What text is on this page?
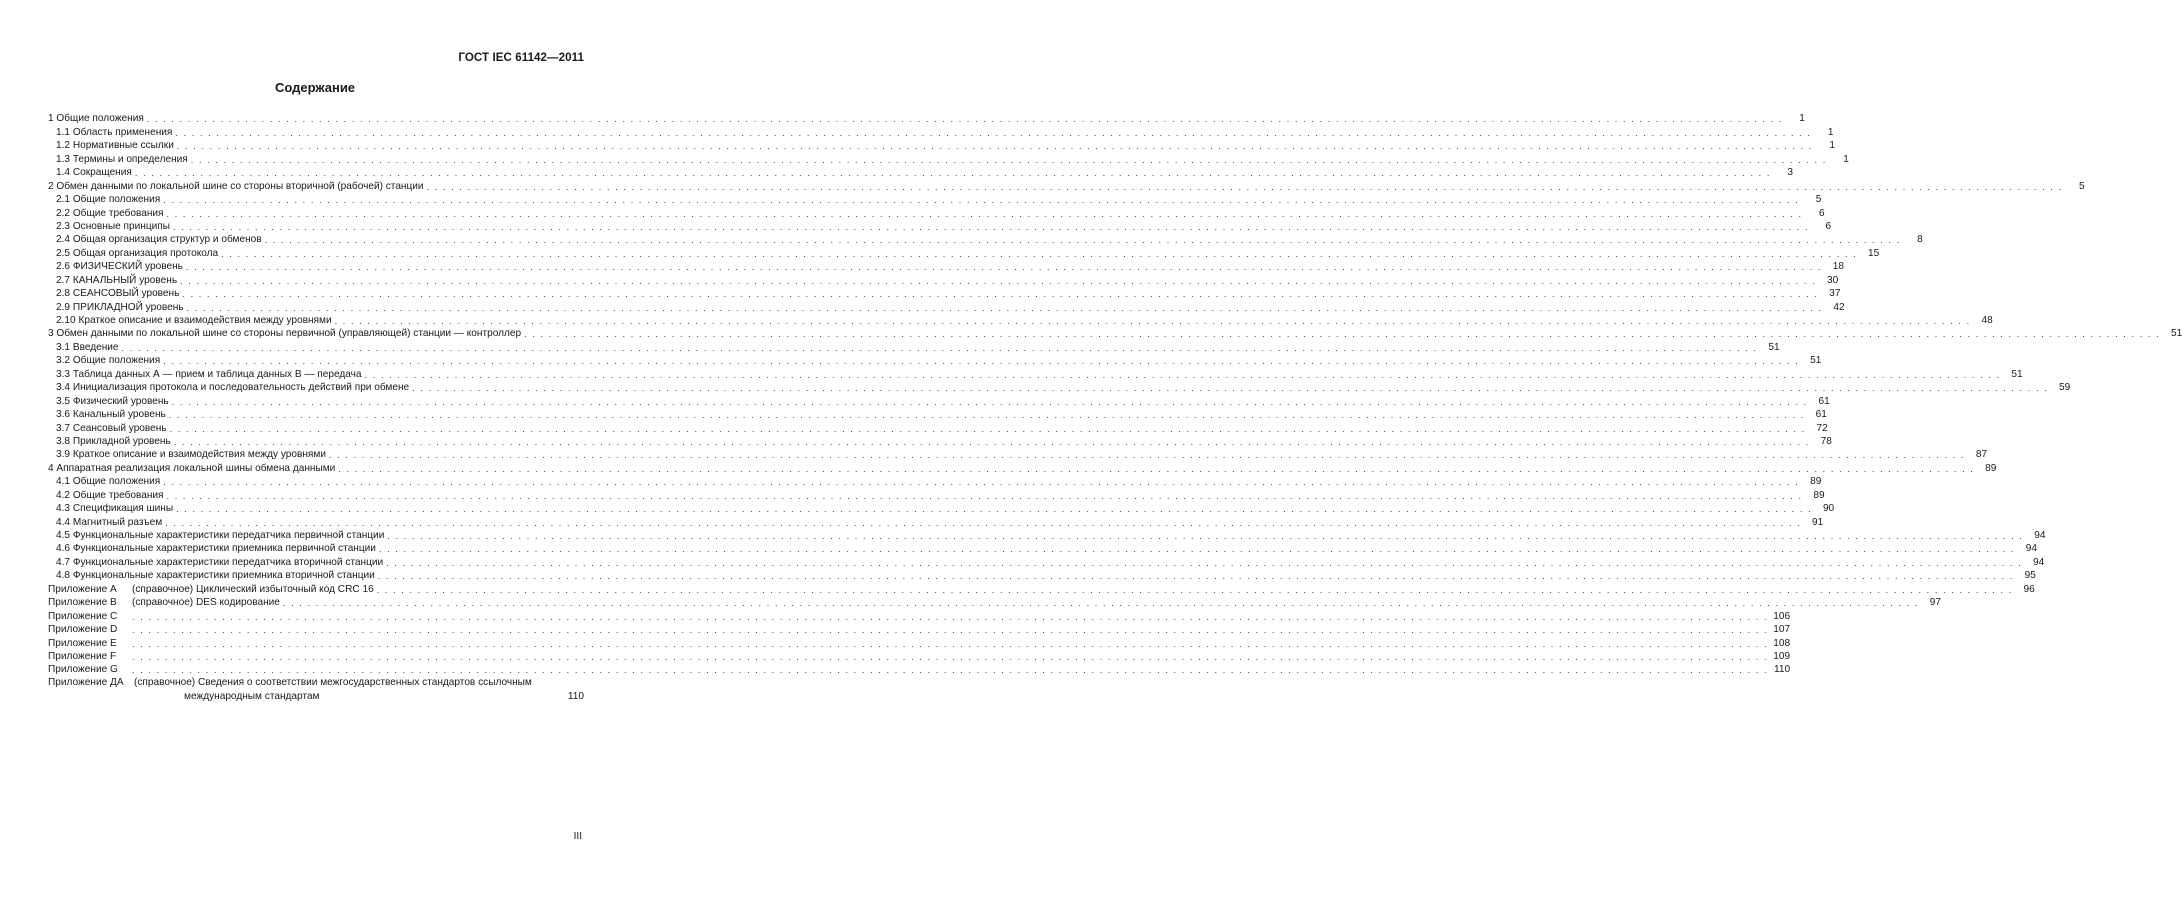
ГОСТ IEC 61142—2011
Содержание
1 Общие положения . . . . . . . . . . . . . . . . . . . . . . . . . . . . . . . . . . . . . . . . . . . . . . . . . . . . . . . . . . . . . . . . . . . . . . . . . . . . . . . . . . . . . . . . . . . . . . . . . . . . . . . . . . . . . . . . . . . . . . . . . . . . . . . . . . . . . . . . . . . . . . . . . . . . . . . . . . . . . . . . . . . . . . . . . . . . . . . . . . . . . . . . . . . . . . . . . . . . . . . .	1
1.1 Область применения . . . . . . . . . . . . . . . . . . . . . . . . . . . . . . . . . . . . . . . . . . . . . . . . . . . . . . . . . . . . . . . . . . . . . . . . . . . . . . . . . . . . . . . . . . . . . . . . . . . . . . . . . . . . . . . . . . . . . . . . . . . . . . . . . . . . . . . . . . . . . . . . . . . . . . . . . . . . . . . . . . . . . . . . . . . . . . . . . . . . . . . . . . . . . . . . . . . . . . . .	1
1.2 Нормативные ссылки . . . . . . . . . . . . . . . . . . . . . . . . . . . . . . . . . . . . . . . . . . . . . . . . . . . . . . . . . . . . . . . . . . . . . . . . . . . . . . . . . . . . . . . . . . . . . . . . . . . . . . . . . . . . . . . . . . . . . . . . . . . . . . . . . . . . . . . . . . . . . . . . . . . . . . . . . . . . . . . . . . . . . . . . . . . . . . . . . . . . . . . . . . . . . . . . . . . . . . . .	1
1.3 Термины и определения . . . . . . . . . . . . . . . . . . . . . . . . . . . . . . . . . . . . . . . . . . . . . . . . . . . . . . . . . . . . . . . . . . . . . . . . . . . . . . . . . . . . . . . . . . . . . . . . . . . . . . . . . . . . . . . . . . . . . . . . . . . . . . . . . . . . . . . . . . . . . . . . . . . . . . . . . . . . . . . . . . . . . . . . . . . . . . . . . . . . . . . . . . . . . . . . . . . . . . . .	1
1.4 Сокращения . . . . . . . . . . . . . . . . . . . . . . . . . . . . . . . . . . . . . . . . . . . . . . . . . . . . . . . . . . . . . . . . . . . . . . . . . . . . . . . . . . . . . . . . . . . . . . . . . . . . . . . . . . . . . . . . . . . . . . . . . . . . . . . . . . . . . . . . . . . . . . . . . . . . . . . . . . . . . . . . . . . . . . . . . . . . . . . . . . . . . . . . . . . . . . . . . . . . . . . .	3
2 Обмен данными по локальной шине со стороны вторичной (рабочей) станции . . . . . . . . . . . . . . . . . . . . . . . . . . . . . . . . . . . . . . . . . . . . . . . . . . . . . . . . . . . . . . . . . . . . . . . . . . . . . . . . . . . . . . . . . . . . . . . . . . . . . . . . . . . . . . . . . . . . . . . . . . . . . . . . . . . . . . . . . . . . . . . . . . . . . . . . . . . . . . . . . . . . . . . . . . . . . . . . . . . . . . . . . . . . . . . . . . . . . . . .	5
2.1 Общие положения . . . . . . . . . . . . . . . . . . . . . . . . . . . . . . . . . . . . . . . . . . . . . . . . . . . . . . . . . . . . . . . . . . . . . . . . . . . . . . . . . . . . . . . . . . . . . . . . . . . . . . . . . . . . . . . . . . . . . . . . . . . . . . . . . . . . . . . . . . . . . . . . . . . . . . . . . . . . . . . . . . . . . . . . . . . . . . . . . . . . . . . . . . . . . . . . . . . . . . . .	5
2.2 Общие требования . . . . . . . . . . . . . . . . . . . . . . . . . . . . . . . . . . . . . . . . . . . . . . . . . . . . . . . . . . . . . . . . . . . . . . . . . . . . . . . . . . . . . . . . . . . . . . . . . . . . . . . . . . . . . . . . . . . . . . . . . . . . . . . . . . . . . . . . . . . . . . . . . . . . . . . . . . . . . . . . . . . . . . . . . . . . . . . . . . . . . . . . . . . . . . . . . . . . . . . .	6
2.3 Основные принципы . . . . . . . . . . . . . . . . . . . . . . . . . . . . . . . . . . . . . . . . . . . . . . . . . . . . . . . . . . . . . . . . . . . . . . . . . . . . . . . . . . . . . . . . . . . . . . . . . . . . . . . . . . . . . . . . . . . . . . . . . . . . . . . . . . . . . . . . . . . . . . . . . . . . . . . . . . . . . . . . . . . . . . . . . . . . . . . . . . . . . . . . . . . . . . . . . . . . . . . .	6
2.4 Общая организация структур и обменов . . . . . . . . . . . . . . . . . . . . . . . . . . . . . . . . . . . . . . . . . . . . . . . . . . . . . . . . . . . . . . . . . . . . . . . . . . . . . . . . . . . . . . . . . . . . . . . . . . . . . . . . . . . . . . . . . . . . . . . . . . . . . . . . . . . . . . . . . . . . . . . . . . . . . . . . . . . . . . . . . . . . . . . . . . . . . . . . . . . . . . . . . . . . . . . . . . . . . . . .	8
2.5 Общая организация протокола . . . . . . . . . . . . . . . . . . . . . . . . . . . . . . . . . . . . . . . . . . . . . . . . . . . . . . . . . . . . . . . . . . . . . . . . . . . . . . . . . . . . . . . . . . . . . . . . . . . . . . . . . . . . . . . . . . . . . . . . . . . . . . . . . . . . . . . . . . . . . . . . . . . . . . . . . . . . . . . . . . . . . . . . . . . . . . . . . . . . . . . . . . . . . . . . . . . . . . . .	15
2.6 ФИЗИЧЕСКИЙ уровень . . . . . . . . . . . . . . . . . . . . . . . . . . . . . . . . . . . . . . . . . . . . . . . . . . . . . . . . . . . . . . . . . . . . . . . . . . . . . . . . . . . . . . . . . . . . . . . . . . . . . . . . . . . . . . . . . . . . . . . . . . . . . . . . . . . . . . . . . . . . . . . . . . . . . . . . . . . . . . . . . . . . . . . . . . . . . . . . . . . . . . . . . . . . . . . . . . . . . . . .	18
2.7 КАНАЛЬНЫЙ уровень . . . . . . . . . . . . . . . . . . . . . . . . . . . . . . . . . . . . . . . . . . . . . . . . . . . . . . . . . . . . . . . . . . . . . . . . . . . . . . . . . . . . . . . . . . . . . . . . . . . . . . . . . . . . . . . . . . . . . . . . . . . . . . . . . . . . . . . . . . . . . . . . . . . . . . . . . . . . . . . . . . . . . . . . . . . . . . . . . . . . . . . . . . . . . . . . . . . . . . . .	30
2.8 СЕАНСОВЫЙ уровень . . . . . . . . . . . . . . . . . . . . . . . . . . . . . . . . . . . . . . . . . . . . . . . . . . . . . . . . . . . . . . . . . . . . . . . . . . . . . . . . . . . . . . . . . . . . . . . . . . . . . . . . . . . . . . . . . . . . . . . . . . . . . . . . . . . . . . . . . . . . . . . . . . . . . . . . . . . . . . . . . . . . . . . . . . . . . . . . . . . . . . . . . . . . . . . . . . . . . . . .	37
2.9 ПРИКЛАДНОЙ уровень . . . . . . . . . . . . . . . . . . . . . . . . . . . . . . . . . . . . . . . . . . . . . . . . . . . . . . . . . . . . . . . . . . . . . . . . . . . . . . . . . . . . . . . . . . . . . . . . . . . . . . . . . . . . . . . . . . . . . . . . . . . . . . . . . . . . . . . . . . . . . . . . . . . . . . . . . . . . . . . . . . . . . . . . . . . . . . . . . . . . . . . . . . . . . . . . . . . . . . . .	42
2.10 Краткое описание и взаимодействия между уровнями . . . . . . . . . . . . . . . . . . . . . . . . . . . . . . . . . . . . . . . . . . . . . . . . . . . . . . . . . . . . . . . . . . . . . . . . . . . . . . . . . . . . . . . . . . . . . . . . . . . . . . . . . . . . . . . . . . . . . . . . . . . . . . . . . . . . . . . . . . . . . . . . . . . . . . . . . . . . . . . . . . . . . . . . . . . . . . . . . . . . . . . . . . . . . . . . . . . . . . . .	48
3 Обмен данными по локальной шине со стороны первичной (управляющей) станции — контроллер . . . . . . . . . . . . . . . . . . . . . . . . . . . . . . . . . . . . . . . . . . . . . . . . . . . . . . . . . . . . . . . . . . . . . . . . . . . . . . . . . . . . . . . . . . . . . . . . . . . . . . . . . . . . . . . . . . . . . . . . . . . . . . . . . . . . . . . . . . . . . . . . . . . . . . . . . . . . . . . . . . . . . . . . . . . . . . . . . . . . . . . . . . . . . . . . . . . . . . . .	51
3.1 Введение . . . . . . . . . . . . . . . . . . . . . . . . . . . . . . . . . . . . . . . . . . . . . . . . . . . . . . . . . . . . . . . . . . . . . . . . . . . . . . . . . . . . . . . . . . . . . . . . . . . . . . . . . . . . . . . . . . . . . . . . . . . . . . . . . . . . . . . . . . . . . . . . . . . . . . . . . . . . . . . . . . . . . . . . . . . . . . . . . . . . . . . . . . . . . . . . . . . . . . . .	51
3.2 Общие положения . . . . . . . . . . . . . . . . . . . . . . . . . . . . . . . . . . . . . . . . . . . . . . . . . . . . . . . . . . . . . . . . . . . . . . . . . . . . . . . . . . . . . . . . . . . . . . . . . . . . . . . . . . . . . . . . . . . . . . . . . . . . . . . . . . . . . . . . . . . . . . . . . . . . . . . . . . . . . . . . . . . . . . . . . . . . . . . . . . . . . . . . . . . . . . . . . . . . . . . .	51
3.3 Таблица данных А — прием и таблица данных В — передача . . . . . . . . . . . . . . . . . . . . . . . . . . . . . . . . . . . . . . . . . . . . . . . . . . . . . . . . . . . . . . . . . . . . . . . . . . . . . . . . . . . . . . . . . . . . . . . . . . . . . . . . . . . . . . . . . . . . . . . . . . . . . . . . . . . . . . . . . . . . . . . . . . . . . . . . . . . . . . . . . . . . . . . . . . . . . . . . . . . . . . . . . . . . . . . . . . . . . . . .	51
3.4 Инициализация протокола и последовательность действий при обмене . . . . . . . . . . . . . . . . . . . . . . . . . . . . . . . . . . . . . . . . . . . . . . . . . . . . . . . . . . . . . . . . . . . . . . . . . . . . . . . . . . . . . . . . . . . . . . . . . . . . . . . . . . . . . . . . . . . . . . . . . . . . . . . . . . . . . . . . . . . . . . . . . . . . . . . . . . . . . . . . . . . . . . . . . . . . . . . . . . . . . . . . . . . . . . . . . . . . . . . .	59
3.5 Физический уровень . . . . . . . . . . . . . . . . . . . . . . . . . . . . . . . . . . . . . . . . . . . . . . . . . . . . . . . . . . . . . . . . . . . . . . . . . . . . . . . . . . . . . . . . . . . . . . . . . . . . . . . . . . . . . . . . . . . . . . . . . . . . . . . . . . . . . . . . . . . . . . . . . . . . . . . . . . . . . . . . . . . . . . . . . . . . . . . . . . . . . . . . . . . . . . . . . . . . . . . .	61
3.6 Канальный уровень . . . . . . . . . . . . . . . . . . . . . . . . . . . . . . . . . . . . . . . . . . . . . . . . . . . . . . . . . . . . . . . . . . . . . . . . . . . . . . . . . . . . . . . . . . . . . . . . . . . . . . . . . . . . . . . . . . . . . . . . . . . . . . . . . . . . . . . . . . . . . . . . . . . . . . . . . . . . . . . . . . . . . . . . . . . . . . . . . . . . . . . . . . . . . . . . . . . . . . . .	61
3.7 Сеансовый уровень . . . . . . . . . . . . . . . . . . . . . . . . . . . . . . . . . . . . . . . . . . . . . . . . . . . . . . . . . . . . . . . . . . . . . . . . . . . . . . . . . . . . . . . . . . . . . . . . . . . . . . . . . . . . . . . . . . . . . . . . . . . . . . . . . . . . . . . . . . . . . . . . . . . . . . . . . . . . . . . . . . . . . . . . . . . . . . . . . . . . . . . . . . . . . . . . . . . . . . . .	72
3.8 Прикладной уровень . . . . . . . . . . . . . . . . . . . . . . . . . . . . . . . . . . . . . . . . . . . . . . . . . . . . . . . . . . . . . . . . . . . . . . . . . . . . . . . . . . . . . . . . . . . . . . . . . . . . . . . . . . . . . . . . . . . . . . . . . . . . . . . . . . . . . . . . . . . . . . . . . . . . . . . . . . . . . . . . . . . . . . . . . . . . . . . . . . . . . . . . . . . . . . . . . . . . . . . .	78
3.9 Краткое описание и взаимодействия между уровнями . . . . . . . . . . . . . . . . . . . . . . . . . . . . . . . . . . . . . . . . . . . . . . . . . . . . . . . . . . . . . . . . . . . . . . . . . . . . . . . . . . . . . . . . . . . . . . . . . . . . . . . . . . . . . . . . . . . . . . . . . . . . . . . . . . . . . . . . . . . . . . . . . . . . . . . . . . . . . . . . . . . . . . . . . . . . . . . . . . . . . . . . . . . . . . . . . . . . . . . .	87
4 Аппаратная реализация локальной шины обмена данными . . . . . . . . . . . . . . . . . . . . . . . . . . . . . . . . . . . . . . . . . . . . . . . . . . . . . . . . . . . . . . . . . . . . . . . . . . . . . . . . . . . . . . . . . . . . . . . . . . . . . . . . . . . . . . . . . . . . . . . . . . . . . . . . . . . . . . . . . . . . . . . . . . . . . . . . . . . . . . . . . . . . . . . . . . . . . . . . . . . . . . . . . . . . . . . . . . . . . . . .	89
4.1 Общие положения . . . . . . . . . . . . . . . . . . . . . . . . . . . . . . . . . . . . . . . . . . . . . . . . . . . . . . . . . . . . . . . . . . . . . . . . . . . . . . . . . . . . . . . . . . . . . . . . . . . . . . . . . . . . . . . . . . . . . . . . . . . . . . . . . . . . . . . . . . . . . . . . . . . . . . . . . . . . . . . . . . . . . . . . . . . . . . . . . . . . . . . . . . . . . . . . . . . . . . . .	89
4.2 Общие требования . . . . . . . . . . . . . . . . . . . . . . . . . . . . . . . . . . . . . . . . . . . . . . . . . . . . . . . . . . . . . . . . . . . . . . . . . . . . . . . . . . . . . . . . . . . . . . . . . . . . . . . . . . . . . . . . . . . . . . . . . . . . . . . . . . . . . . . . . . . . . . . . . . . . . . . . . . . . . . . . . . . . . . . . . . . . . . . . . . . . . . . . . . . . . . . . . . . . . . . .	89
4.3 Спецификация шины . . . . . . . . . . . . . . . . . . . . . . . . . . . . . . . . . . . . . . . . . . . . . . . . . . . . . . . . . . . . . . . . . . . . . . . . . . . . . . . . . . . . . . . . . . . . . . . . . . . . . . . . . . . . . . . . . . . . . . . . . . . . . . . . . . . . . . . . . . . . . . . . . . . . . . . . . . . . . . . . . . . . . . . . . . . . . . . . . . . . . . . . . . . . . . . . . . . . . . . .	90
4.4 Магнитный разъем . . . . . . . . . . . . . . . . . . . . . . . . . . . . . . . . . . . . . . . . . . . . . . . . . . . . . . . . . . . . . . . . . . . . . . . . . . . . . . . . . . . . . . . . . . . . . . . . . . . . . . . . . . . . . . . . . . . . . . . . . . . . . . . . . . . . . . . . . . . . . . . . . . . . . . . . . . . . . . . . . . . . . . . . . . . . . . . . . . . . . . . . . . . . . . . . . . . . . . . .	91
4.5 Функциональные характеристики передатчика первичной станции . . . . . . . . . . . . . . . . . . . . . . . . . . . . . . . . . . . . . . . . . . . . . . . . . . . . . . . . . . . . . . . . . . . . . . . . . . . . . . . . . . . . . . . . . . . . . . . . . . . . . . . . . . . . . . . . . . . . . . . . . . . . . . . . . . . . . . . . . . . . . . . . . . . . . . . . . . . . . . . . . . . . . . . . . . . . . . . . . . . . . . . . . . . . . . . . . . . . . . . .	94
4.6 Функциональные характеристики приемника первичной станции . . . . . . . . . . . . . . . . . . . . . . . . . . . . . . . . . . . . . . . . . . . . . . . . . . . . . . . . . . . . . . . . . . . . . . . . . . . . . . . . . . . . . . . . . . . . . . . . . . . . . . . . . . . . . . . . . . . . . . . . . . . . . . . . . . . . . . . . . . . . . . . . . . . . . . . . . . . . . . . . . . . . . . . . . . . . . . . . . . . . . . . . . . . . . . . . . . . . . . . .	94
4.7 Функциональные характеристики передатчика вторичной станции . . . . . . . . . . . . . . . . . . . . . . . . . . . . . . . . . . . . . . . . . . . . . . . . . . . . . . . . . . . . . . . . . . . . . . . . . . . . . . . . . . . . . . . . . . . . . . . . . . . . . . . . . . . . . . . . . . . . . . . . . . . . . . . . . . . . . . . . . . . . . . . . . . . . . . . . . . . . . . . . . . . . . . . . . . . . . . . . . . . . . . . . . . . . . . . . . . . . . . . .	94
4.8 Функциональные характеристики приемника вторичной станции . . . . . . . . . . . . . . . . . . . . . . . . . . . . . . . . . . . . . . . . . . . . . . . . . . . . . . . . . . . . . . . . . . . . . . . . . . . . . . . . . . . . . . . . . . . . . . . . . . . . . . . . . . . . . . . . . . . . . . . . . . . . . . . . . . . . . . . . . . . . . . . . . . . . . . . . . . . . . . . . . . . . . . . . . . . . . . . . . . . . . . . . . . . . . . . . . . . . . . . .	95
Приложение А	(справочное) Циклический избыточный код CRC 16 . . . . . . . . . . . . . . . . . . . . . . . . . . . . . . . . . . . . . . . . . . . . . . . . . . . . . . . . . . . . . . . . . . . . . . . . . . . . . . . . . . . . . . . . . . . . . . . . . . . . . . . . . . . . . . . . . . . . . . . . . . . . . . . . . . . . . . . . . . . . . . . . . . . . . . . . . . . . . . . . . . . . . . . . . . . . . . . . . . . . . . . . . . . . . . . . . . . . . . . .	96
Приложение В	(справочное) DES кодирование . . . . . . . . . . . . . . . . . . . . . . . . . . . . . . . . . . . . . . . . . . . . . . . . . . . . . . . . . . . . . . . . . . . . . . . . . . . . . . . . . . . . . . . . . . . . . . . . . . . . . . . . . . . . . . . . . . . . . . . . . . . . . . . . . . . . . . . . . . . . . . . . . . . . . . . . . . . . . . . . . . . . . . . . . . . . . . . . . . . . . . . . . . . . . . . . . . . . . . . .	97
Приложение С	. . . . . . . . . . . . . . . . . . . . . . . . . . . . . . . . . . . . . . . . . . . . . . . . . . . . . . . . . . . . . . . . . . . . . . . . . . . . . . . . . . . . . . . . . . . . . . . . . . . . . . . . . . . . . . . . . . . . . . . . . . . . . . . . . . . . . . . . . . . . . . . . . . . . . . . . . . . . . . . . . . . . . . . . . . . . . . . . . . . . . . . . . . . . . . . . . . . . . . . . 106
Приложение D	. . . . . . . . . . . . . . . . . . . . . . . . . . . . . . . . . . . . . . . . . . . . . . . . . . . . . . . . . . . . . . . . . . . . . . . . . . . . . . . . . . . . . . . . . . . . . . . . . . . . . . . . . . . . . . . . . . . . . . . . . . . . . . . . . . . . . . . . . . . . . . . . . . . . . . . . . . . . . . . . . . . . . . . . . . . . . . . . . . . . . . . . . . . . . . . . . . . . . . . . 107
Приложение Е	. . . . . . . . . . . . . . . . . . . . . . . . . . . . . . . . . . . . . . . . . . . . . . . . . . . . . . . . . . . . . . . . . . . . . . . . . . . . . . . . . . . . . . . . . . . . . . . . . . . . . . . . . . . . . . . . . . . . . . . . . . . . . . . . . . . . . . . . . . . . . . . . . . . . . . . . . . . . . . . . . . . . . . . . . . . . . . . . . . . . . . . . . . . . . . . . . . . . . . . . 108
Приложение F	. . . . . . . . . . . . . . . . . . . . . . . . . . . . . . . . . . . . . . . . . . . . . . . . . . . . . . . . . . . . . . . . . . . . . . . . . . . . . . . . . . . . . . . . . . . . . . . . . . . . . . . . . . . . . . . . . . . . . . . . . . . . . . . . . . . . . . . . . . . . . . . . . . . . . . . . . . . . . . . . . . . . . . . . . . . . . . . . . . . . . . . . . . . . . . . . . . . . . . . . 109
Приложение G	. . . . . . . . . . . . . . . . . . . . . . . . . . . . . . . . . . . . . . . . . . . . . . . . . . . . . . . . . . . . . . . . . . . . . . . . . . . . . . . . . . . . . . . . . . . . . . . . . . . . . . . . . . . . . . . . . . . . . . . . . . . . . . . . . . . . . . . . . . . . . . . . . . . . . . . . . . . . . . . . . . . . . . . . . . . . . . . . . . . . . . . . . . . . . . . . . . . . . . . . 110
Приложение ДА	(справочное) Сведения о соответствии межгосударственных стандартов ссылочным
международным стандартам	110
III
